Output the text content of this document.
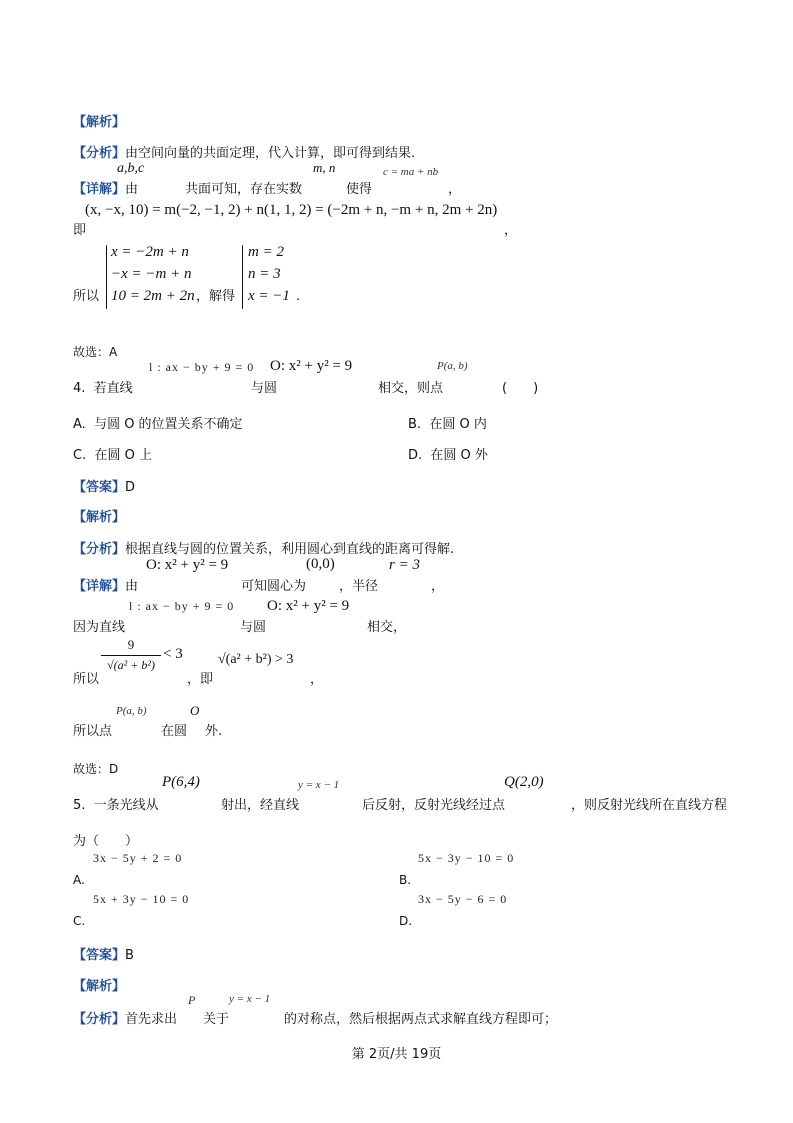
【解析】
【分析】由空间向量的共面定理，代入计算，即可得到结果.
a,b,c	m, n	c = ma + nb
【详解】由	共面可知，存在实数	使得	，
(x, −x, 10) = m(−2, −1, 2) + n(1, 1, 2) = (−2m + n, −m + n, 2m + 2n)
即	，
x = −2m + n
−x = −m + n
10 = 2m + 2n
所以	，解得
m = 2
n = 3
x = −1 .
故选：A
l : ax − by + 9 = 0 O: x² + y² = 9	P(a, b)
4. 若直线	与圆	相交，则点	(　　)
A. 与圆 O 的位置关系不确定	B. 在圆 O 内
C. 在圆 O 上	D. 在圆 O 外
【答案】D
【解析】
【分析】根据直线与圆的位置关系，利用圆心到直线的距离可得解.
O: x² + y² = 9	(0,0)	r = 3
【详解】由	可知圆心为	，半径	，
l : ax − by + 9 = 0 O: x² + y² = 9
因为直线	与圆	相交，
9
√(a² + b²)
< 3
所以	，即
√(a² + b²) > 3
，
P(a, b)	O
所以点	在圆 外.
故选：D
P(6,4)	y = x − 1	Q(2,0)
5. 一条光线从	射出，经直线	后反射，反射光线经过点	，则反射光线所在直线方程
为（　　）
3x − 5y + 2 = 0	5x − 3y − 10 = 0
A.	B.
5x + 3y − 10 = 0	3x − 5y − 6 = 0
C.	D.
【答案】B
【解析】
P	y = x − 1
【分析】首先求出 关于	的对称点，然后根据两点式求解直线方程即可；
第 2页/共 19页
